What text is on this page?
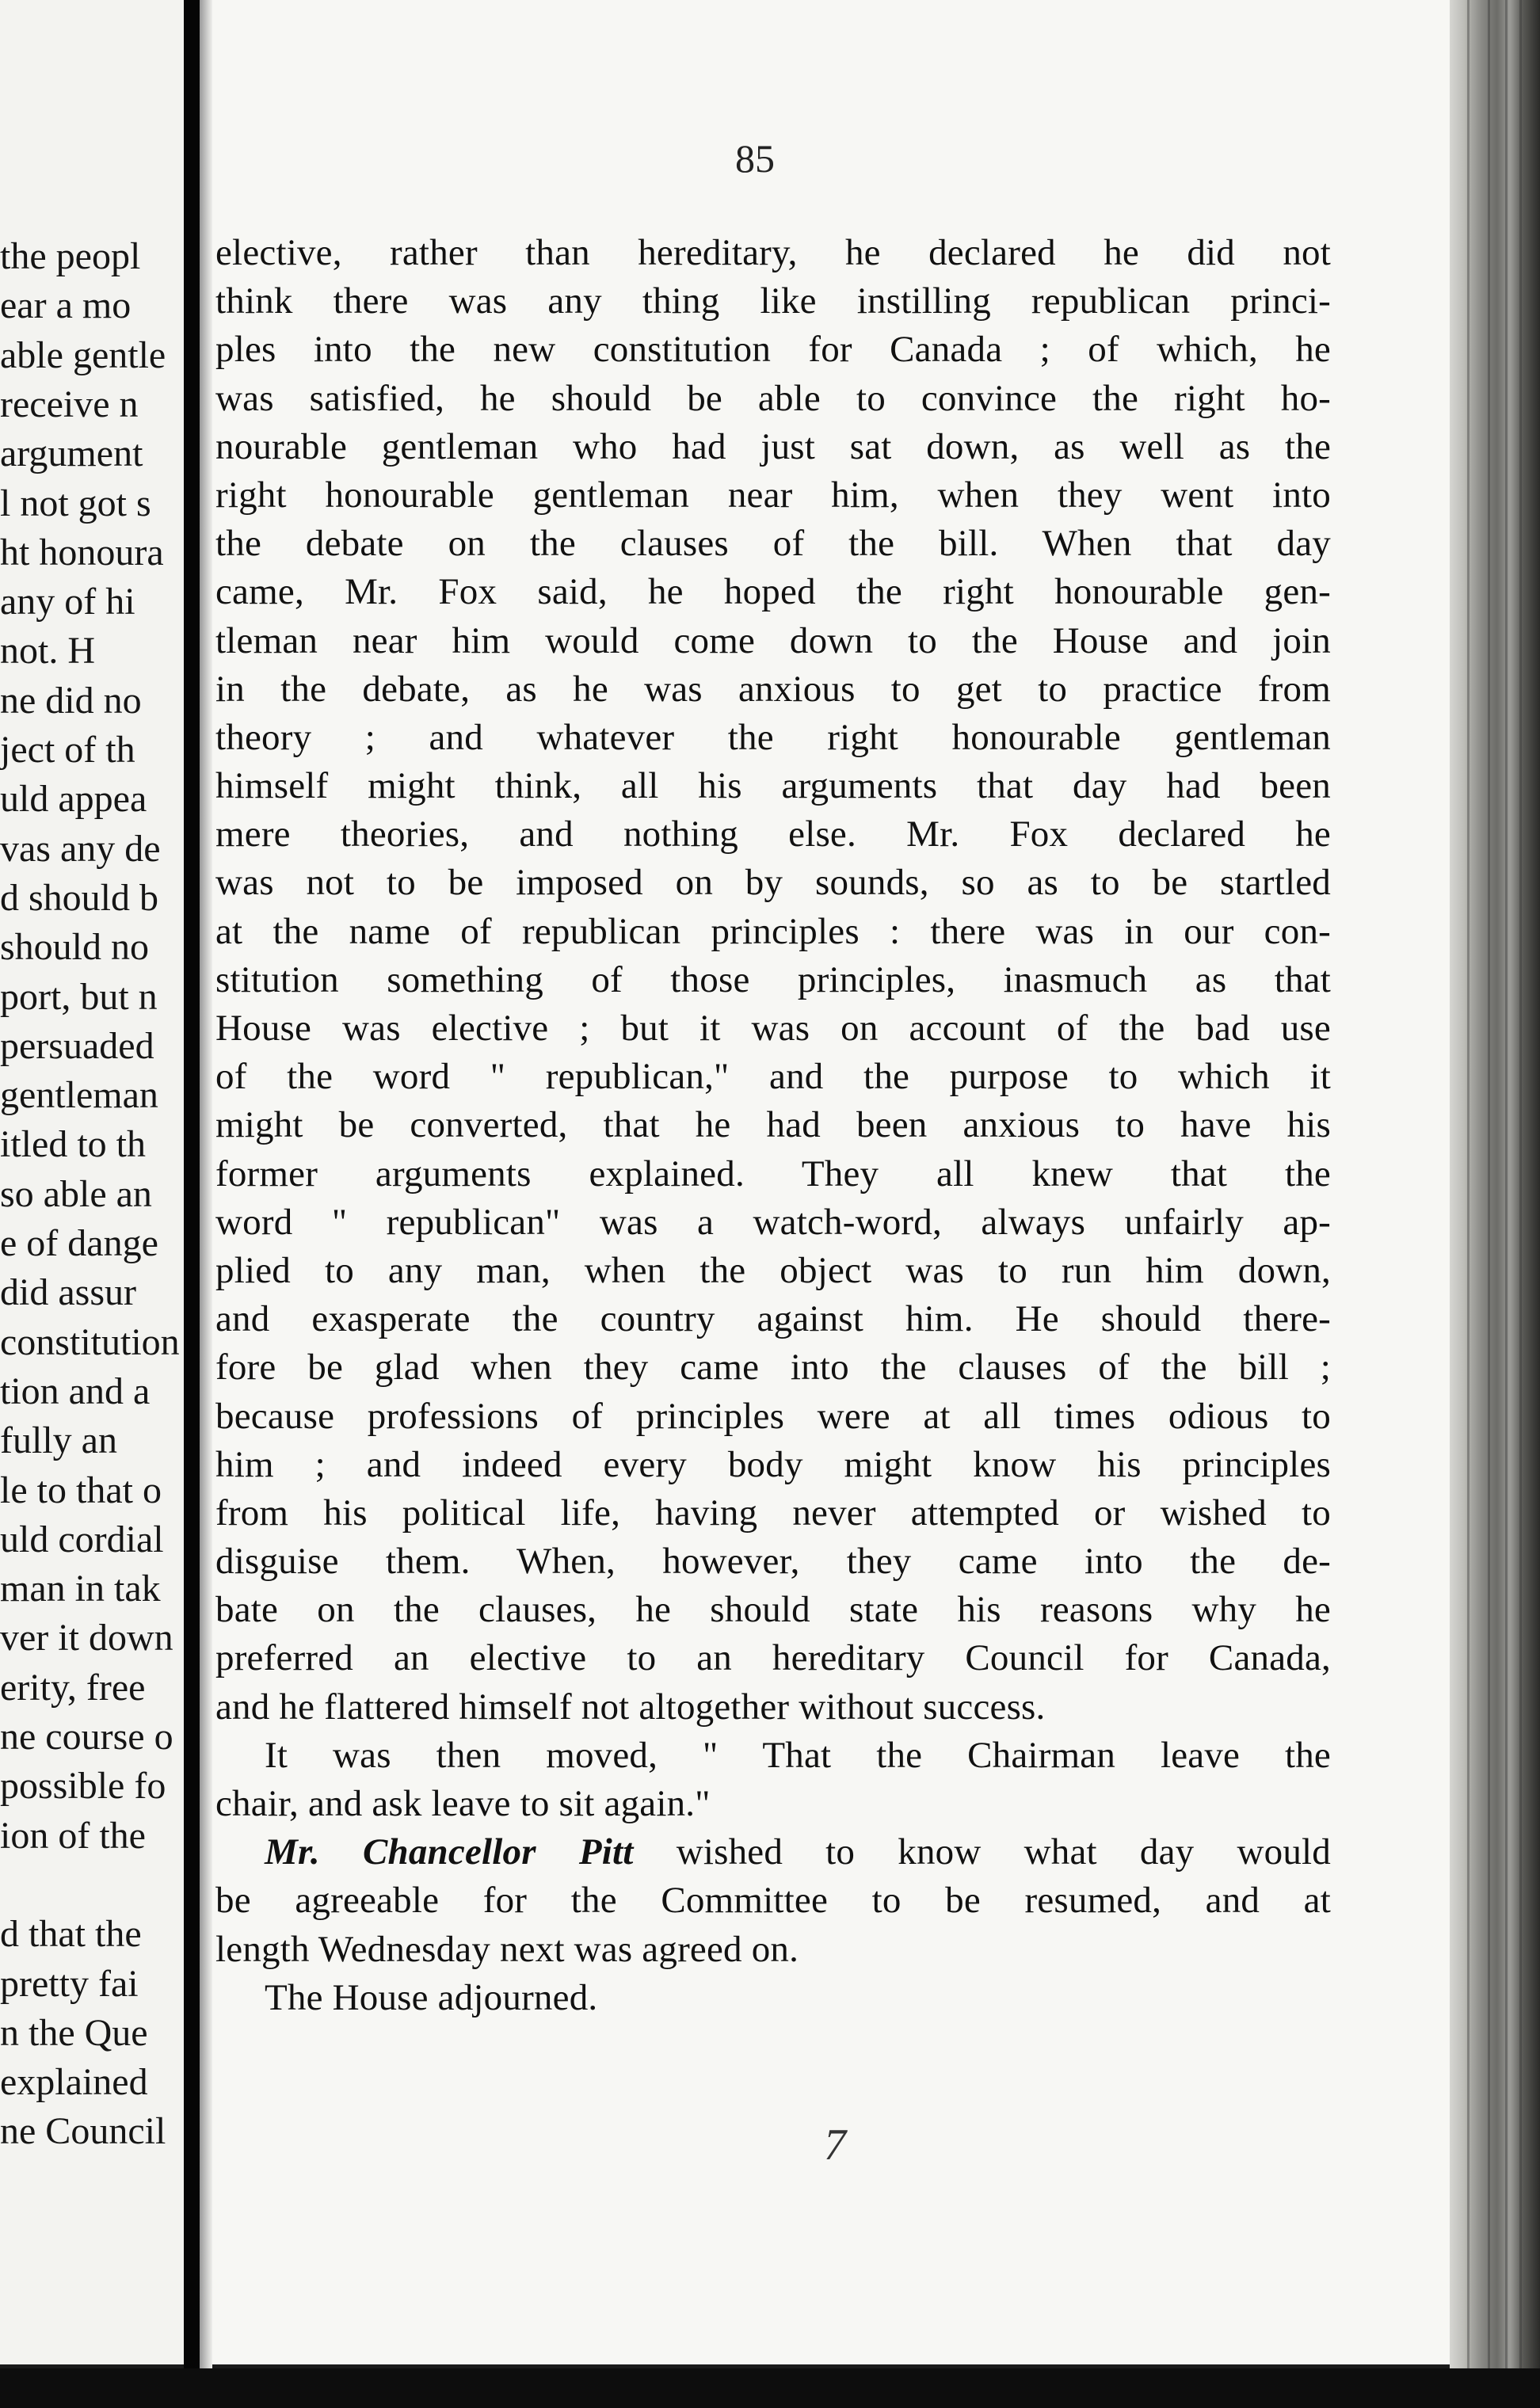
the peopl
ear a mo
able gentle
receive n
argument
l not got s
ht honoura
any of hi
not. H
ne did no
ject of th
uld appea
vas any de
d should b
should no
port, but n
persuaded
gentleman
itled to th
so able an
e of dange
did assur
constitution
tion and a
fully an
le to that o
uld cordial
man in tak
ver it down
erity, free
ne course o
possible fo
ion of the
d that the
pretty fai
n the Que
explained
ne Council
85
elective, rather than hereditary, he declared he did not
think there was any thing like instilling republican princi-
ples into the new constitution for Canada ; of which, he
was satisfied, he should be able to convince the right ho-
nourable gentleman who had just sat down, as well as the
right honourable gentleman near him, when they went into
the debate on the clauses of the bill. When that day
came, Mr. Fox said, he hoped the right honourable gen-
tleman near him would come down to the House and join
in the debate, as he was anxious to get to practice from
theory ; and whatever the right honourable gentleman
himself might think, all his arguments that day had been
mere theories, and nothing else. Mr. Fox declared he
was not to be imposed on by sounds, so as to be startled
at the name of republican principles : there was in our con-
stitution something of those principles, inasmuch as that
House was elective ; but it was on account of the bad use
of the word " republican," and the purpose to which it
might be converted, that he had been anxious to have his
former arguments explained. They all knew that the
word " republican" was a watch-word, always unfairly ap-
plied to any man, when the object was to run him down,
and exasperate the country against him. He should there-
fore be glad when they came into the clauses of the bill ;
because professions of principles were at all times odious to
him ; and indeed every body might know his principles
from his political life, having never attempted or wished to
disguise them. When, however, they came into the de-
bate on the clauses, he should state his reasons why he
preferred an elective to an hereditary Council for Canada,
and he flattered himself not altogether without success.
It was then moved, " That the Chairman leave the
chair, and ask leave to sit again."
Mr. Chancellor Pitt wished to know what day would
be agreeable for the Committee to be resumed, and at
length Wednesday next was agreed on.
The House adjourned.
7
